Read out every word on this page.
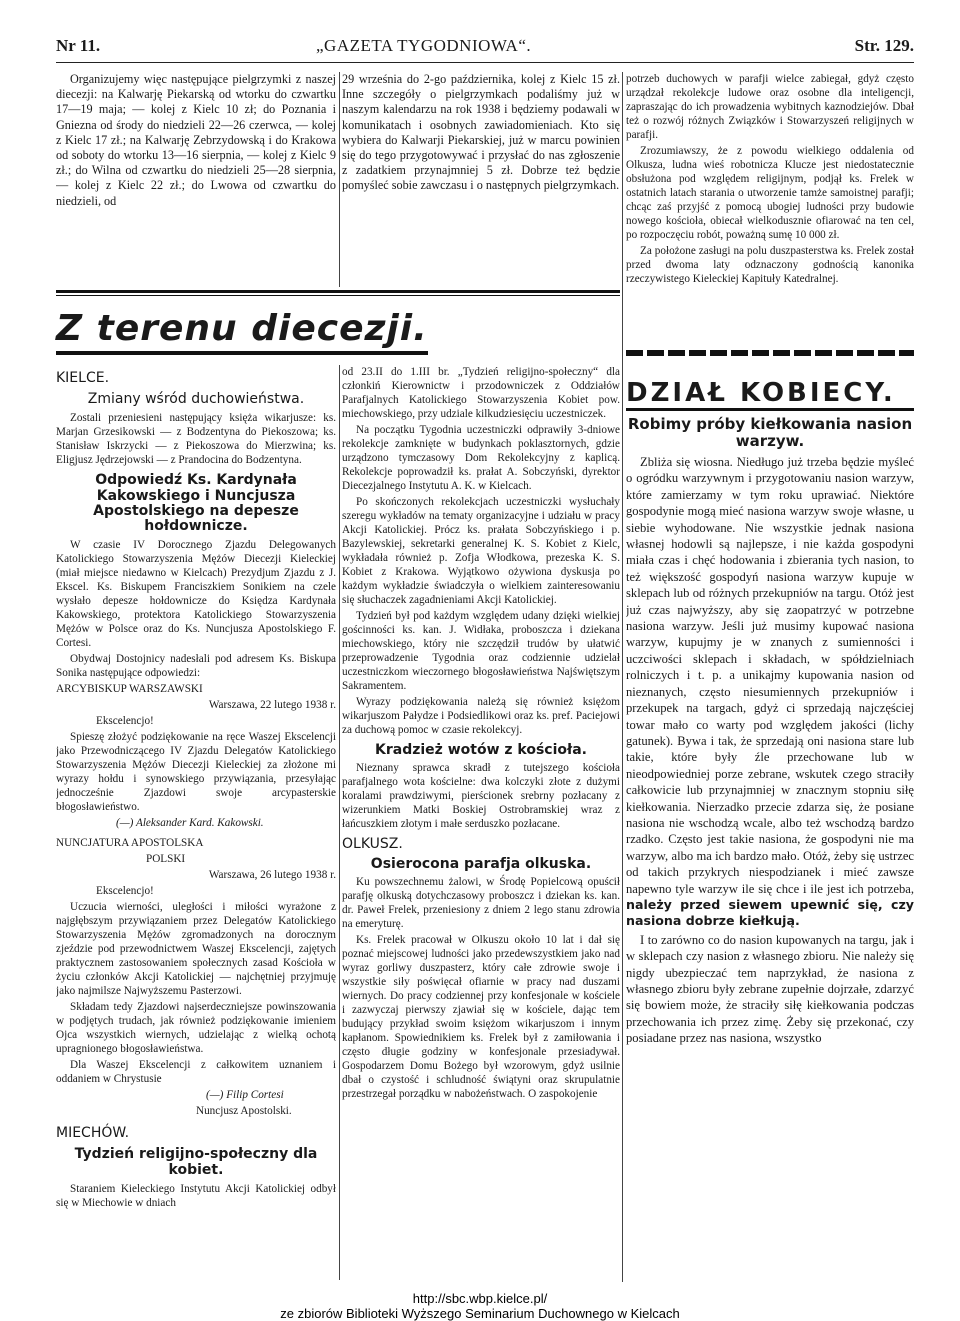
Nr 11.	„GAZETA TYGODNIOWA“.	Str. 129.

Organizujemy więc następujące pielgrzymki z naszej diecezji: na Kalwarję Piekarską od wtorku do czwartku 17—19 maja; — kolej z Kielc 10 zł; do Poznania i Gniezna od środy do niedzieli 22—26 czerwca, — kolej z Kielc 17 zł.; na Kalwarję Zebrzydowską i do Krakowa od soboty do wtorku 13—16 sierpnia, — kolej z Kielc 9 zł.; do Wilna od czwartku do niedzieli 25—28 sierpnia, — kolej z Kielc 22 zł.; do Lwowa od czwartku do niedzieli, od

29 września do 2-go października, kolej z Kielc 15 zł. Inne szczegóły o pielgrzymkach podaliśmy już w naszym kalendarzu na rok 1938 i będziemy podawali w komunikatach i osobnych zawiadomieniach. Kto się wybiera do Kalwarji Piekarskiej, już w marcu powinien się do tego przygotowywać i przysłać do nas zgłoszenie z zadatkiem przynajmniej 5 zł. Dobrze też będzie pomyśleć sobie zawczasu i o następnych pielgrzymkach.

potrzeb duchowych w parafji wielce zabiegał, gdyż często urządzał rekolekcje ludowe oraz osobne dla inteligencji, zapraszając do ich prowadzenia wybitnych kaznodziejów. Dbał też o rozwój różnych Związków i Stowarzyszeń religijnych w parafji.

Zrozumiawszy, że z powodu wielkiego oddalenia od Olkusza, ludna wieś robotnicza Klucze jest niedostatecznie obsłużona pod względem religijnym, podjął ks. Frelek w ostatnich latach starania o utworzenie tamże samoistnej parafji; chcąc zaś przyjść z pomocą ubogiej ludności przy budowie nowego kościoła, obiecał wielkodusznie ofiarować na ten cel, po rozpoczęciu robót, poważną sumę 10 000 zł.

Za położone zasługi na polu duszpasterstwa ks. Frelek został przed dwoma laty odznaczony godnością kanonika rzeczywistego Kieleckiej Kapituły Katedralnej.

Z terenu diecezji.
DZIAŁ KOBIECY.
KIELCE.
Zmiany wśród duchowieństwa.

Zostali przeniesieni następujący księża wikarjusze: ks. Marjan Grzesikowski — z Bodzentyna do Piekoszowa; ks. Stanisław Iskrzycki — z Piekoszowa do Mierzwina; ks. Eligjusz Jędrzejowski — z Prandocina do Bodzentyna.

Odpowiedź Ks. Kardynała Kakowskiego i Nuncjusza Apostolskiego na depesze hołdownicze.

W czasie IV Dorocznego Zjazdu Delegowanych Katolickiego Stowarzyszenia Mężów Diecezji Kieleckiej (miał miejsce niedawno w Kielcach) Prezydjum Zjazdu z J. Ekscel. Ks. Biskupem Franciszkiem Sonikiem na czele wysłało depesze hołdownicze do Księdza Kardynała Kakowskiego, protektora Katolickiego Stowarzyszenia Mężów w Polsce oraz do Ks. Nuncjusza Apostolskiego F. Cortesi.

Obydwaj Dostojnicy nadesłali pod adresem Ks. Biskupa Sonika następujące odpowiedzi:

ARCYBISKUP WARSZAWSKI

Warszawa, 22 lutego 1938 r.

Ekscelencjo!

Spieszę złożyć podziękowanie na ręce Waszej Ekscelencji jako Przewodniczącego IV Zjazdu Delegatów Katolickiego Stowarzyszenia Mężów Diecezji Kieleckiej za złożone mi wyrazy hołdu i synowskiego przywiązania, przesyłając jednocześnie Zjazdowi swoje arcypasterskie błogosławieństwo.

(—) Aleksander Kard. Kakowski.

NUNCJATURA APOSTOLSKA

POLSKI

Warszawa, 26 lutego 1938 r.

Ekscelencjo!

Uczucia wierności, uległości i miłości wyrażone z najgłębszym przywiązaniem przez Delegatów Katolickiego Stowarzyszenia Mężów zgromadzonych na dorocznym zjeździe pod przewodnictwem Waszej Ekscelencji, zajętych praktycznem zastosowaniem społecznych zasad Kościoła w życiu członków Akcji Katolickiej — najchętniej przyjmuję jako najmilsze Najwyższemu Pasterzowi.

Składam tedy Zjazdowi najserdeczniejsze powinszowania w podjętych trudach, jak również podziękowanie imieniem Ojca wszystkich wiernych, udzielając z wielką ochotą upragnionego błogosławieństwa.

Dla Waszej Ekscelencji z całkowitem uznaniem i oddaniem w Chrystusie

(—) Filip Cortesi

Nuncjusz Apostolski.

MIECHÓW.
Tydzień religijno-społeczny dla kobiet.

Staraniem Kieleckiego Instytutu Akcji Katolickiej odbył się w Miechowie w dniach

od 23.II do 1.III br. „Tydzień religijno-społeczny“ dla członkiń Kierownictw i przodowniczek z Oddziałów Parafjalnych Katolickiego Stowarzyszenia Kobiet pow. miechowskiego, przy udziale kilkudziesięciu uczestniczek.

Na początku Tygodnia uczestniczki odprawiły 3-dniowe rekolekcje zamknięte w budynkach poklasztornych, gdzie urządzono tymczasowy Dom Rekolekcyjny z kaplicą. Rekolekcje poprowadził ks. prałat A. Sobczyński, dyrektor Diecezjalnego Instytutu A. K. w Kielcach.

Po skończonych rekolekcjach uczestniczki wysłuchały szeregu wykładów na tematy organizacyjne i udziału w pracy Akcji Katolickiej. Prócz ks. prałata Sobczyńskiego i p. Bazylewskiej, sekretarki generalnej K. S. Kobiet z Kielc, wykładała również p. Zofja Włodkowa, prezeska K. S. Kobiet z Krakowa. Wyjątkowo ożywiona dyskusja po każdym wykładzie świadczyła o wielkiem zainteresowaniu się słuchaczek zagadnieniami Akcji Katolickiej.

Tydzień był pod każdym względem udany dzięki wielkiej gościnności ks. kan. J. Widłaka, proboszcza i dziekana miechowskiego, który nie szczędził trudów by ułatwić przeprowadzenie Tygodnia oraz codziennie udzielał uczestniczkom wieczornego błogosławieństwa Najświętszym Sakramentem.

Wyrazy podziękowania należą się również księżom wikarjuszom Pałydze i Podsiedlikowi oraz ks. pref. Paciejowi za duchową pomoc w czasie rekolekcyj.

Kradzież wotów z kościoła.

Nieznany sprawca skradł z tutejszego kościoła parafjalnego wota kościelne: dwa kolczyki złote z dużymi koralami prawdziwymi, pierścionek srebrny pozłacany z wizerunkiem Matki Boskiej Ostrobramskiej wraz z łańcuszkiem złotym i małe serduszko pozłacane.

OLKUSZ.
Osierocona parafja olkuska.

Ku powszechnemu żalowi, w Środę Popielcową opuścił parafję olkuską dotychczasowy proboszcz i dziekan ks. kan. dr. Paweł Frelek, przeniesiony z dniem 2 lego stanu zdrowia na emeryturę.

Ks. Frelek pracował w Olkuszu około 10 lat i dał się poznać miejscowej ludności jako przedewszystkiem jako nad wyraz gorliwy duszpasterz, który całe zdrowie swoje i wszystkie siły poświęcał ofiarnie w pracy nad duszami wiernych. Do pracy codziennej przy konfesjonale w kościele i zazwyczaj pierwszy zjawiał się w kościele, dając tem budujący przykład swoim księżom wikarjuszom i innym kapłanom. Spowiednikiem ks. Frelek był z zamiłowania i często długie godziny w konfesjonale przesiadywał. Gospodarzem Domu Bożego był wzorowym, gdyż usilnie dbał o czystość i schludność świątyni oraz skrupulatnie przestrzegał porządku w nabożeństwach. O zaspokojenie

Robimy próby kiełkowania nasion warzyw.

Zbliża się wiosna. Niedługo już trzeba będzie myśleć o ogródku warzywnym i przygotowaniu nasion warzyw, które zamierzamy w tym roku uprawiać. Niektóre gospodynie mogą mieć nasiona warzyw swoje własne, u siebie wyhodowane. Nie wszystkie jednak nasiona własnej hodowli są najlepsze, i nie każda gospodyni miała czas i chęć hodowania i zbierania tych nasion, to też większość gospodyń nasiona warzyw kupuje w sklepach lub od różnych przekupniów na targu. Otóż jest już czas najwyższy, aby się zaopatrzyć w potrzebne nasiona warzyw. Jeśli już musimy kupować nasiona warzyw, kupujmy je w znanych z sumienności i uczciwości sklepach i składach, w spółdzielniach rolniczych i t. p. a unikajmy kupowania nasion od nieznanych, często niesumiennych przekupniów i przekupek na targach, gdyż ci sprzedają najczęściej towar mało co warty pod względem jakości (lichy gatunek). Bywa i tak, że sprzedają oni nasiona stare lub takie, które były źle przechowane lub w nieodpowiedniej porze zebrane, wskutek czego straciły całkowicie lub przynajmniej w znacznym stopniu siłę kiełkowania. Nierzadko przecie zdarza się, że posiane nasiona nie wschodzą wcale, albo też wschodzą bardzo rzadko. Często jest takie nasiona, że gospodyni nie ma warzyw, albo ma ich bardzo mało. Otóż, żeby się ustrzec od takich przykrych niespodzianek i mieć zawsze napewno tyle warzyw ile się chce i ile jest ich potrzeba, należy przed siewem upewnić się, czy nasiona dobrze kiełkują.

I to zarówno co do nasion kupowanych na targu, jak i w sklepach czy nasion z własnego zbioru. Nie należy się nigdy ubezpieczać tem naprzykład, że nasiona z własnego zbioru były zebrane zupełnie dojrzałe, zdarzyć się bowiem może, że straciły siłę kiełkowania podczas przechowania ich przez zimę. Żeby się przekonać, czy posiadane przez nas nasiona, wszystko

http://sbc.wbp.kielce.pl/
ze zbiorów Biblioteki Wyższego Seminarium Duchownego w Kielcach
